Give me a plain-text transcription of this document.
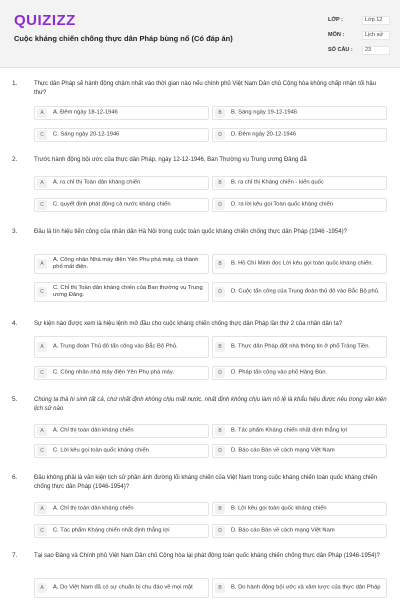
QUIZIZZ
Cuộc kháng chiến chống thực dân Pháp bùng nổ (Có đáp án)
LỚP :	Lớp 12
MÔN :	Lịch sử
SỐ CÂU :	23
1.	Thực dân Pháp sẽ hành động chậm nhất vào thời gian nào nếu chính phủ Việt Nam Dân chủ Cộng hòa không chấp nhận tối hậu thư?
A	A. Đêm ngày 18-12-1946	B	B. Sáng ngày 19-12-1946
C	C. Sáng ngày 20-12-1946	D	D. Đêm ngày 20-12-1946
2.	Trước hành động bội ước của thực dân Pháp, ngày 12-12-1946, Ban Thường vụ Trung ương Đảng đã
A	A. ra chỉ thị Toàn dân kháng chiến	B	B. ra chỉ thị Kháng chiến - kiến quốc
C	C. quyết định phát động cả nước kháng chiến	D	D. ra lời kêu gọi Toàn quốc kháng chiến
3.	Đâu là tín hiệu tiến công của nhân dân Hà Nội trong cuộc toàn quốc kháng chiến chống thực dân Pháp (1946 -1954)?
A
A. Công nhân Nhà máy điện Yên Phụ phá máy, cả thành phố mất điện.	B	B. Hồ Chí Minh đọc Lời kêu gọi toàn quốc kháng chiến.
C
C. Chỉ thị Toàn dân kháng chiến của Ban thường vụ Trung ương Đảng.	D	D. Cuộc tấn công của Trung đoàn thủ đô vào Bắc Bộ phủ.
4.	Sự kiện nào được xem là hiệu lệnh mở đầu cho cuộc kháng chiến chống thực dân Pháp lần thứ 2 của nhân dân ta?
A	A. Trung đoàn Thủ đô tấn công vào Bắc Bộ Phủ.	B	B. Thực dân Pháp đốt nhà thông tin ở phố Tràng Tiền.
C	C. Công nhân nhà máy điện Yên Phụ phá máy.	D	D. Pháp tấn công vào phố Hàng Bún.
5.	Chúng ta thà hi sinh tất cả, chứ nhất định không chịu mất nước, nhất định không chịu làm nô lệ là khẩu hiệu được nêu trong văn kiện lịch sử nào
A	A. Chỉ thị toàn dân kháng chiến	B	B. Tác phẩm Kháng chiến nhất định thắng lợi
C	C. Lời kêu gọi toàn quốc kháng chiến	D	D. Báo cáo Bàn về cách mạng Việt Nam
6.	Đâu không phải là văn kiện lịch sử phản ánh đường lối kháng chiến của Việt Nam trong cuộc kháng chiến toàn quốc kháng chiến chống thực dân Pháp (1946-1954)?
A	A. Chỉ thị toàn dân kháng chiến	B	B. Lời kêu gọi toàn quốc kháng chiến
C	C. Tác phẩm Kháng chiến nhất định thắng lợi	D	D. Báo cáo Bàn về cách mạng Việt Nam
7.	Tại sao Đảng và Chính phủ Việt Nam Dân chủ Cộng hòa lại phát động toàn quốc kháng chiến chống thực dân Pháp (1946-1954)?
A	A. Do Việt Nam đã có sự chuẩn bị chu đáo về mọi mặt	B	B. Do hành động bội ước và xâm lược của thực dân Pháp
